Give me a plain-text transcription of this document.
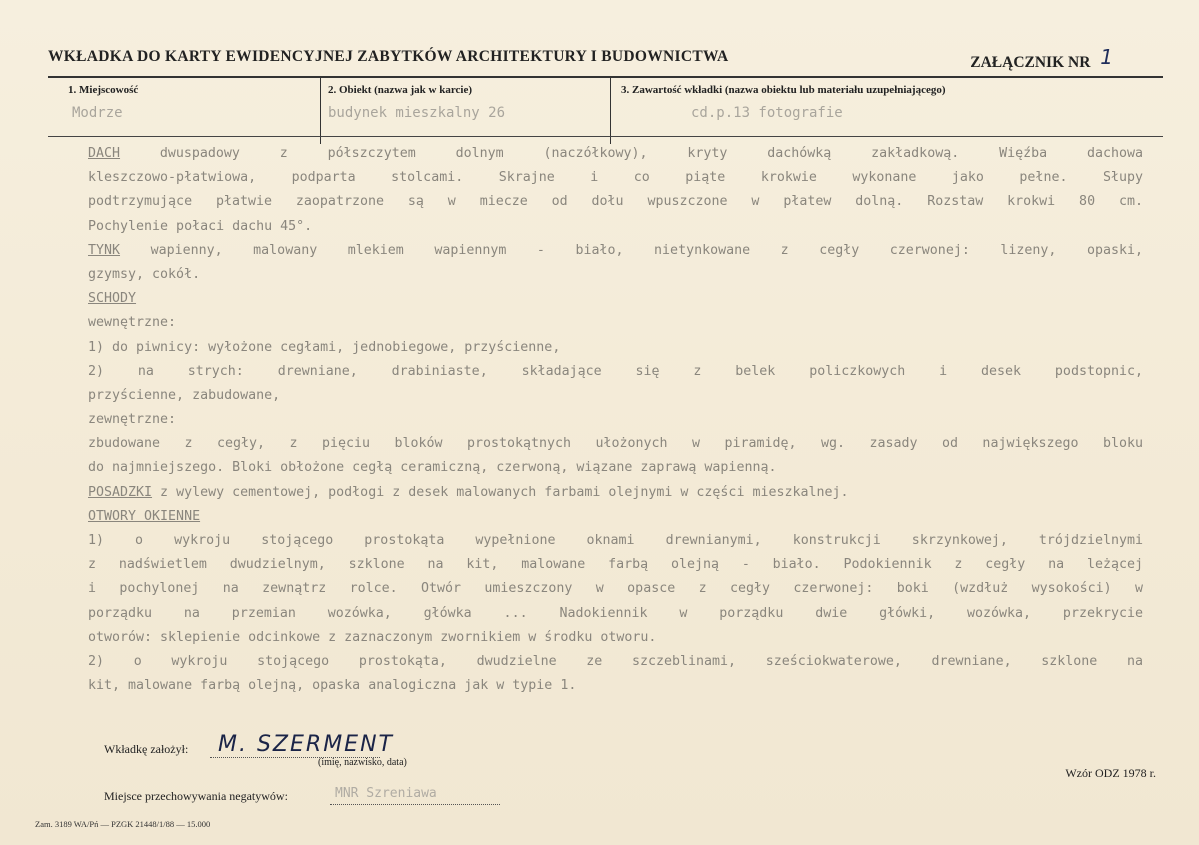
WKŁADKA DO KARTY EWIDENCYJNEJ ZABYTKÓW ARCHITEKTURY I BUDOWNICTWA	ZAŁĄCZNIK NR 1
1. Miejscowość
Modrze
2. Obiekt (nazwa jak w karcie)
budynek mieszkalny 26
3. Zawartość wkładki (nazwa obiektu lub materiału uzupełniającego)
cd.p.13 fotografie
DACH dwuspadowy z półszczytem dolnym (naczółkowy), kryty dachówką zakładkową. Więźba dachowa
kleszczowo-płatwiowa, podparta stolcami. Skrajne i co piąte krokwie wykonane jako pełne. Słupy
podtrzymujące płatwie zaopatrzone są w miecze od dołu wpuszczone w płatew dolną. Rozstaw krokwi 80 cm.
Pochylenie połaci dachu 45°.
TYNK wapienny, malowany mlekiem wapiennym - biało, nietynkowane z cegły czerwonej: lizeny, opaski,
gzymsy, cokół.
SCHODY
wewnętrzne:
1) do piwnicy: wyłożone cegłami, jednobiegowe, przyścienne,
2) na strych: drewniane, drabiniaste, składające się z belek policzkowych i desek podstopnic,
przyścienne, zabudowane,
zewnętrzne:
zbudowane z cegły, z pięciu bloków prostokątnych ułożonych w piramidę, wg. zasady od największego bloku
do najmniejszego. Bloki obłożone cegłą ceramiczną, czerwoną, wiązane zaprawą wapienną.
POSADZKI z wylewy cementowej, podłogi z desek malowanych farbami olejnymi w części mieszkalnej.
OTWORY OKIENNE
1) o wykroju stojącego prostokąta wypełnione oknami drewnianymi, konstrukcji skrzynkowej, trójdzielnymi
z nadświetlem dwudzielnym, szklone na kit, malowane farbą olejną - biało. Podokiennik z cegły na leżącej
i pochylonej na zewnątrz rolce. Otwór umieszczony w opasce z cegły czerwonej: boki (wzdłuż wysokości) w
porządku na przemian wozówka, główka ... Nadokiennik w porządku dwie główki, wozówka, przekrycie
otworów: sklepienie odcinkowe z zaznaczonym zwornikiem w środku otworu.
2) o wykroju stojącego prostokąta, dwudzielne ze szczeblinami, sześciokwaterowe, drewniane, szklone na
kit, malowane farbą olejną, opaska analogiczna jak w typie 1.
Wkładkę założył: M. SZERMENT
(imię, nazwisko, data)
Wzór ODZ 1978 r.
Miejsce przechowywania negatywów:	MNR Szreniawa
Zam. 3189 WA/Pń — PZGK 21448/1/88 — 15.000
